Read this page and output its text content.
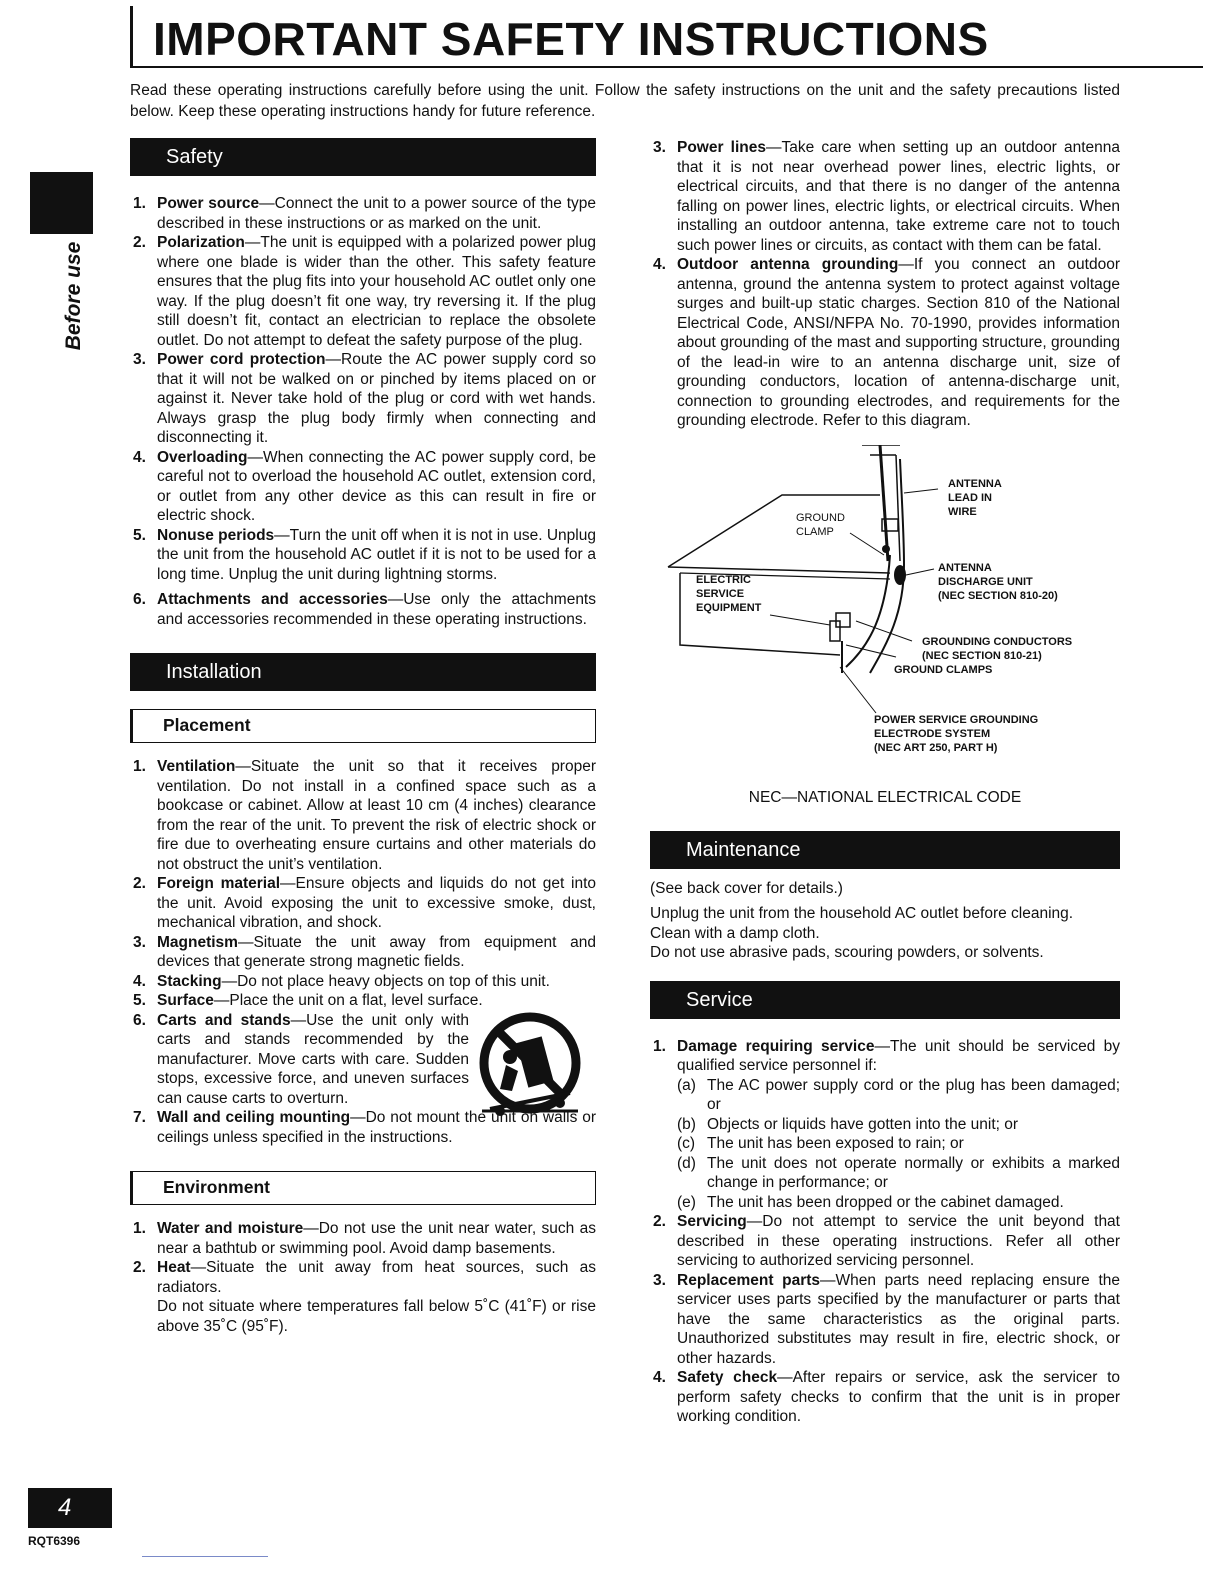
IMPORTANT SAFETY INSTRUCTIONS

Read these operating instructions carefully before using the unit. Follow the safety instructions on the unit and the safety precautions listed below. Keep these operating instructions handy for future reference.

Before use
4
RQT6396
Safety
1. Power source—Connect the unit to a power source of the type described in these instructions or as marked on the unit.
2. Polarization—The unit is equipped with a polarized power plug where one blade is wider than the other. This safety feature ensures that the plug fits into your household AC outlet only one way. If the plug doesn’t fit one way, try reversing it. If the plug still doesn’t fit, contact an electrician to replace the obsolete outlet. Do not attempt to defeat the safety purpose of the plug.
3. Power cord protection—Route the AC power supply cord so that it will not be walked on or pinched by items placed on or against it. Never take hold of the plug or cord with wet hands. Always grasp the plug body firmly when connecting and disconnecting it.
4. Overloading—When connecting the AC power supply cord, be careful not to overload the household AC outlet, extension cord, or outlet from any other device as this can result in fire or electric shock.
5. Nonuse periods—Turn the unit off when it is not in use. Unplug the unit from the household AC outlet if it is not to be used for a long time. Unplug the unit during lightning storms.
6. Attachments and accessories—Use only the attachments and accessories recommended in these operating instructions.
Installation
Placement
1. Ventilation—Situate the unit so that it receives proper ventilation. Do not install in a confined space such as a bookcase or cabinet. Allow at least 10 cm (4 inches) clearance from the rear of the unit. To prevent the risk of electric shock or fire due to overheating ensure curtains and other materials do not obstruct the unit’s ventilation.
2. Foreign material—Ensure objects and liquids do not get into the unit. Avoid exposing the unit to excessive smoke, dust, mechanical vibration, and shock.
3. Magnetism—Situate the unit away from equipment and devices that generate strong magnetic fields.
4. Stacking—Do not place heavy objects on top of this unit.
5. Surface—Place the unit on a flat, level surface.
6. Carts and stands—Use the unit only with carts and stands recommended by the manufacturer. Move carts with care. Sudden stops, excessive force, and uneven surfaces can cause carts to overturn.
7. Wall and ceiling mounting—Do not mount the unit on walls or ceilings unless specified in the instructions.
Environment
1. Water and moisture—Do not use the unit near water, such as near a bathtub or swimming pool. Avoid damp basements.
2. Heat—Situate the unit away from heat sources, such as radiators.
Do not situate where temperatures fall below 5˚C (41˚F) or rise above 35˚C (95˚F).
3. Power lines—Take care when setting up an outdoor antenna that it is not near overhead power lines, electric lights, or electrical circuits, and that there is no danger of the antenna falling on power lines, electric lights, or electrical circuits. When installing an outdoor antenna, take extreme care not to touch such power lines or circuits, as contact with them can be fatal.
4. Outdoor antenna grounding—If you connect an outdoor antenna, ground the antenna system to protect against voltage surges and built-up static charges. Section 810 of the National Electrical Code, ANSI/NFPA No. 70-1990, provides information about grounding of the mast and supporting structure, grounding of the lead-in wire to an antenna discharge unit, size of grounding conductors, location of antenna-discharge unit, connection to grounding electrodes, and requirements for the grounding electrode. Refer to this diagram.
ANTENNA
LEAD IN
WIRE
GROUND
CLAMP
ELECTRIC
SERVICE
EQUIPMENT
ANTENNA
DISCHARGE UNIT
(NEC SECTION 810-20)
GROUNDING CONDUCTORS
(NEC SECTION 810-21)
GROUND CLAMPS
POWER SERVICE GROUNDING
ELECTRODE SYSTEM
(NEC ART 250, PART H)
NEC—NATIONAL ELECTRICAL CODE
Maintenance

(See back cover for details.)

Unplug the unit from the household AC outlet before cleaning.

Clean with a damp cloth.

Do not use abrasive pads, scouring powders, or solvents.

Service
1. Damage requiring service—The unit should be serviced by qualified service personnel if:
(a) The AC power supply cord or the plug has been damaged; or
(b) Objects or liquids have gotten into the unit; or
(c) The unit has been exposed to rain; or
(d) The unit does not operate normally or exhibits a marked change in performance; or
(e) The unit has been dropped or the cabinet damaged.
2. Servicing—Do not attempt to service the unit beyond that described in these operating instructions. Refer all other servicing to authorized servicing personnel.
3. Replacement parts—When parts need replacing ensure the servicer uses parts specified by the manufacturer or parts that have the same characteristics as the original parts. Unauthorized substitutes may result in fire, electric shock, or other hazards.
4. Safety check—After repairs or service, ask the servicer to perform safety checks to confirm that the unit is in proper working condition.
